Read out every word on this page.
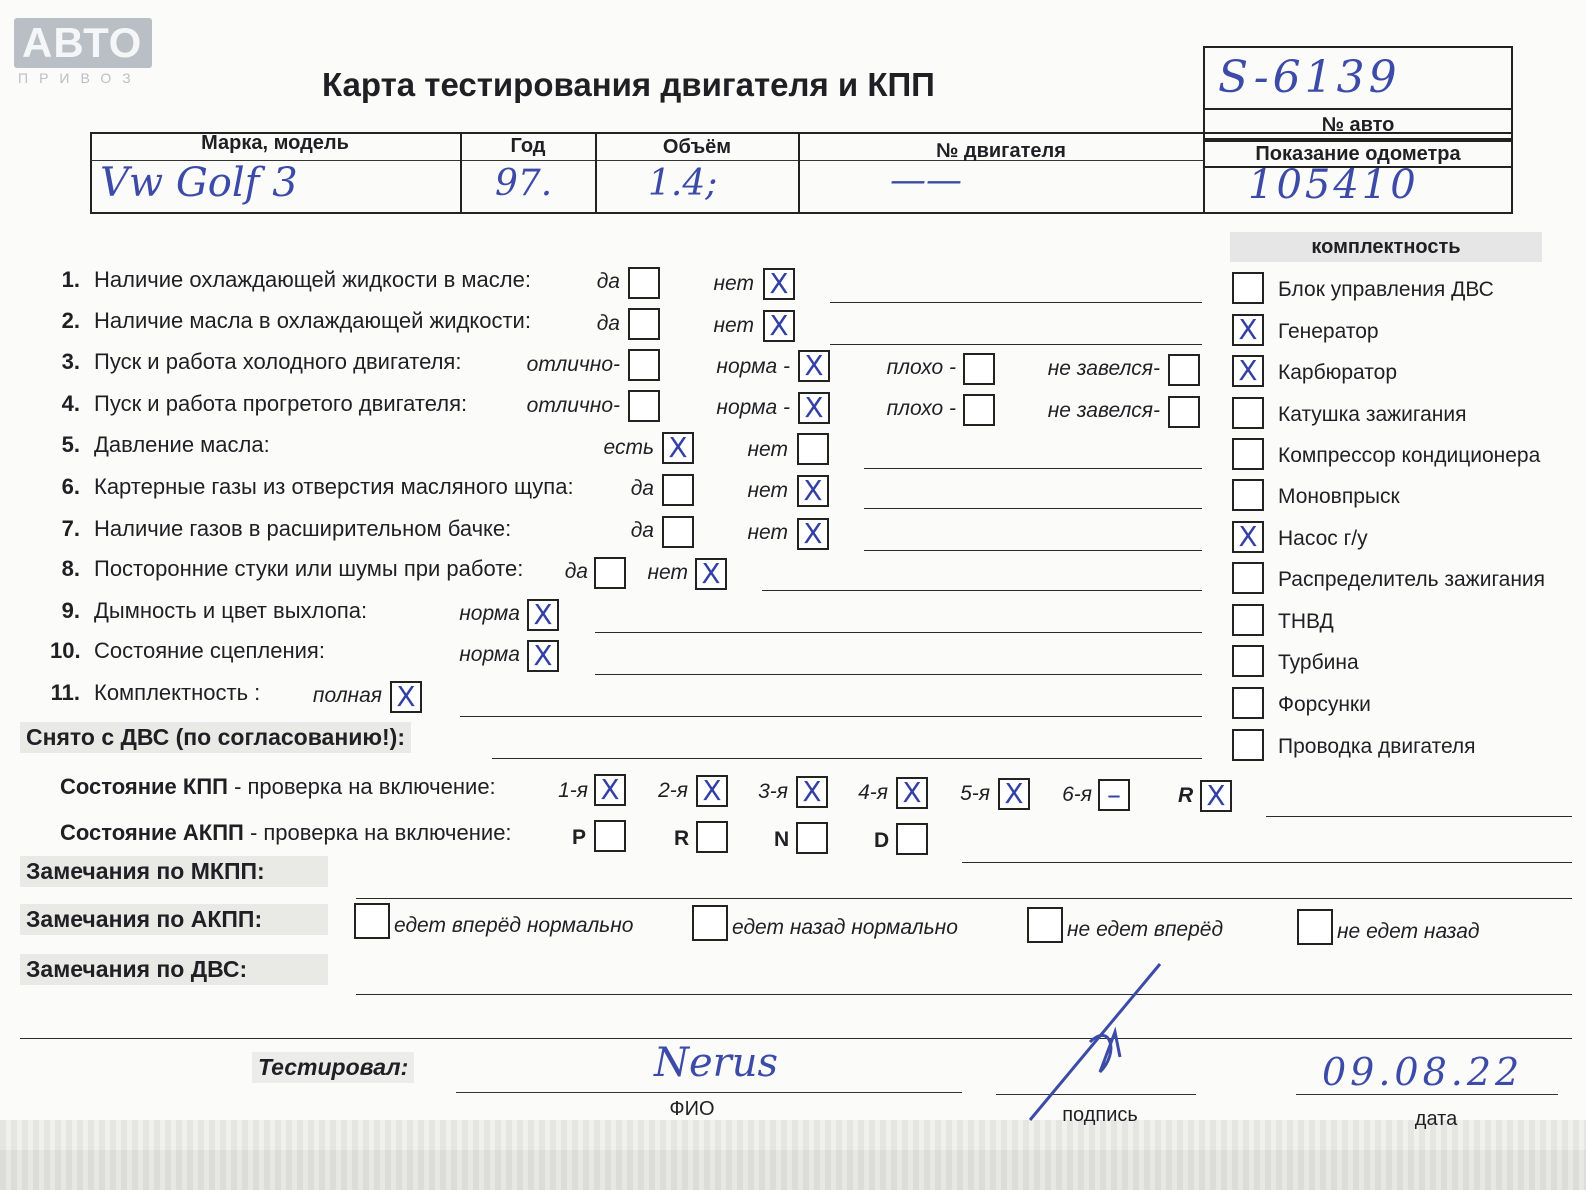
АВТО
ПРИВОЗ	Карта тестирования двигателя и КПП	S-6139
№ авто
Марка, модель	Год	Объём	№ двигателя	Показание одометра
Vw Golf 3	97.	1.4;	——	105410
1. Наличие охлаждающей жидкости в масле:	да	нет X
2. Наличие масла в охлаждающей жидкости:	да	нет X
3. Пуск и работа холодного двигателя:	отлично-	норма - X	плохо -	не завелся-
4. Пуск и работа прогретого двигателя:	отлично-	норма - X	плохо -	не завелся-
5. Давление масла:	есть X	нет
6. Картерные газы из отверстия масляного щупа:	да	нет X
7. Наличие газов в расширительном бачке:	да	нет X
8. Посторонние стуки или шумы при работе:	да	нет X
9. Дымность и цвет выхлопа:	норма X
10. Состояние сцепления:	норма X
11. Комплектность :	полная X
комплектность
Блок управления ДВС
X Генератор
X Карбюратор
Катушка зажигания
Компрессор кондиционера
Моновпрыск
X Насос г/у
Распределитель зажигания
ТНВД
Турбина
Форсунки
Проводка двигателя
Снято с ДВС (по согласованию!):
Состояние КПП - проверка на включение:	1-я X	2-я X	3-я X	4-я X	5-я X	6-я –	R X
Состояние АКПП - проверка на включение:	P	R	N	D
Замечания по МКПП:
Замечания по АКПП:	едет вперёд нормально	едет назад нормально	не едет вперёд	не едет назад
Замечания по ДВС:
Тестировал:	Nerus
ФИО	подпись
09.08.22
дата
